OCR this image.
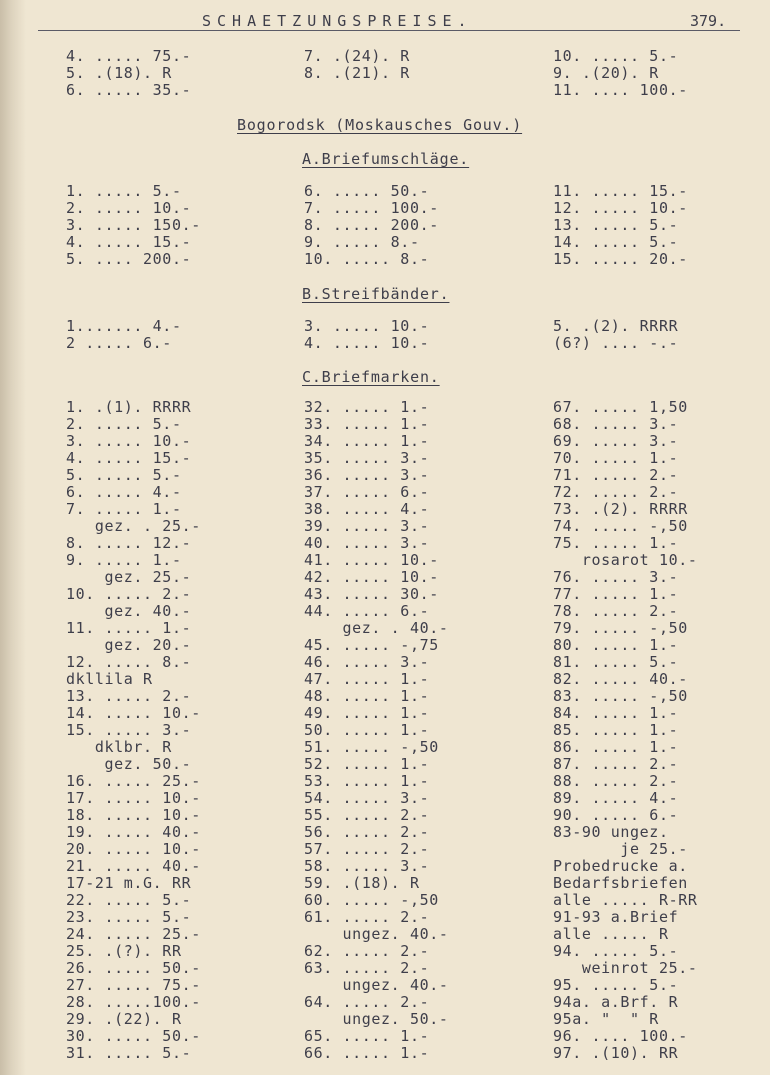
SCHAETZUNGSPREISE.	379.
4. ..... 75.-
5. .(18). R
6. ..... 35.-
7. .(24). R
8. .(21). R
10. ..... 5.-
9. .(20). R
11. .... 100.-
1. ..... 5.-
2. ..... 10.-
3. ..... 150.-
4. ..... 15.-
5. .... 200.-
6. ..... 50.-
7. ..... 100.-
8. ..... 200.-
9. ..... 8.-
10. ..... 8.-
11. ..... 15.-
12. ..... 10.-
13. ..... 5.-
14. ..... 5.-
15. ..... 20.-
1....... 4.-
2 ..... 6.-
3. ..... 10.-
4. ..... 10.-
5. .(2). RRRR
(6?) .... -.-
1. .(1). RRRR
2. ..... 5.-
3. ..... 10.-
4. ..... 15.-
5. ..... 5.-
6. ..... 4.-
7. ..... 1.-
gez. . 25.-
8. ..... 12.-
9. ..... 1.-
gez. 25.-
10. ..... 2.-
gez. 40.-
11. ..... 1.-
gez. 20.-
12. ..... 8.-
dkllila R
13. ..... 2.-
14. ..... 10.-
15. ..... 3.-
dklbr. R
gez. 50.-
16. ..... 25.-
17. ..... 10.-
18. ..... 10.-
19. ..... 40.-
20. ..... 10.-
21. ..... 40.-
17-21 m.G. RR
22. ..... 5.-
23. ..... 5.-
24. ..... 25.-
25. .(?). RR
26. ..... 50.-
27. ..... 75.-
28. .....100.-
29. .(22). R
30. ..... 50.-
31. ..... 5.-
32. ..... 1.-
33. ..... 1.-
34. ..... 1.-
35. ..... 3.-
36. ..... 3.-
37. ..... 6.-
38. ..... 4.-
39. ..... 3.-
40. ..... 3.-
41. ..... 10.-
42. ..... 10.-
43. ..... 30.-
44. ..... 6.-
gez. . 40.-
45. ..... -,75
46. ..... 3.-
47. ..... 1.-
48. ..... 1.-
49. ..... 1.-
50. ..... 1.-
51. ..... -,50
52. ..... 1.-
53. ..... 1.-
54. ..... 3.-
55. ..... 2.-
56. ..... 2.-
57. ..... 2.-
58. ..... 3.-
59. .(18). R
60. ..... -,50
61. ..... 2.-
ungez. 40.-
62. ..... 2.-
63. ..... 2.-
ungez. 40.-
64. ..... 2.-
ungez. 50.-
65. ..... 1.-
66. ..... 1.-
67. ..... 1,50
68. ..... 3.-
69. ..... 3.-
70. ..... 1.-
71. ..... 2.-
72. ..... 2.-
73. .(2). RRRR
74. ..... -,50
75. ..... 1.-
rosarot 10.-
76. ..... 3.-
77. ..... 1.-
78. ..... 2.-
79. ..... -,50
80. ..... 1.-
81. ..... 5.-
82. ..... 40.-
83. ..... -,50
84. ..... 1.-
85. ..... 1.-
86. ..... 1.-
87. ..... 2.-
88. ..... 2.-
89. ..... 4.-
90. ..... 6.-
83-90 ungez.
je 25.-
Probedrucke a.
Bedarfsbriefen
alle ..... R-RR
91-93 a.Brief
alle ..... R
94. ..... 5.-
weinrot 25.-
95. ..... 5.-
94a. a.Brf. R
95a. "  " R
96. .... 100.-
97. .(10). RR
Bogorodsk (Moskausches Gouv.)
A.Briefumschläge.
B.Streifbänder.
C.Briefmarken.
